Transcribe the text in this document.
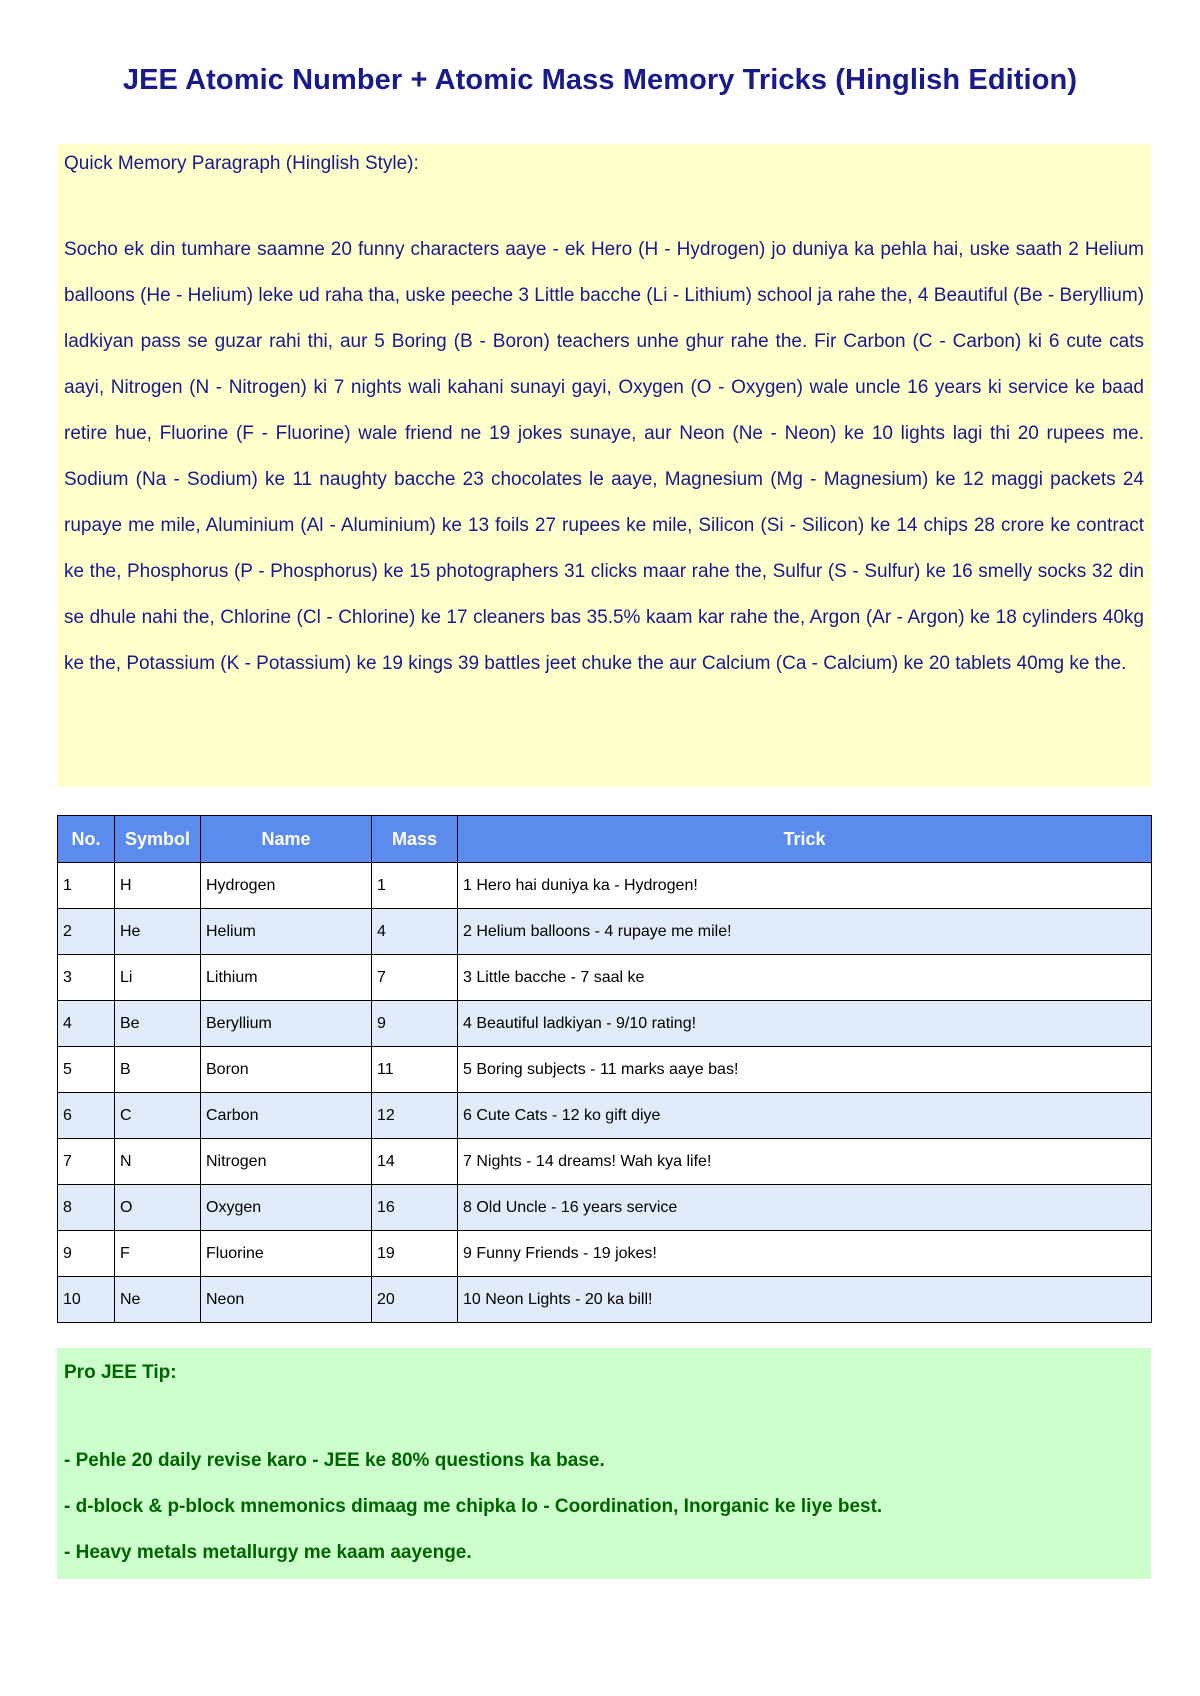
JEE Atomic Number + Atomic Mass Memory Tricks (Hinglish Edition)

Quick Memory Paragraph (Hinglish Style):

Socho ek din tumhare saamne 20 funny characters aaye - ek Hero (H - Hydrogen) jo duniya ka pehla hai, uske saath 2 Helium balloons (He - Helium) leke ud raha tha, uske peeche 3 Little bacche (Li - Lithium) school ja rahe the, 4 Beautiful (Be - Beryllium) ladkiyan pass se guzar rahi thi, aur 5 Boring (B - Boron) teachers unhe ghur rahe the. Fir Carbon (C - Carbon) ki 6 cute cats aayi, Nitrogen (N - Nitrogen) ki 7 nights wali kahani sunayi gayi, Oxygen (O - Oxygen) wale uncle 16 years ki service ke baad retire hue, Fluorine (F - Fluorine) wale friend ne 19 jokes sunaye, aur Neon (Ne - Neon) ke 10 lights lagi thi 20 rupees me. Sodium (Na - Sodium) ke 11 naughty bacche 23 chocolates le aaye, Magnesium (Mg - Magnesium) ke 12 maggi packets 24 rupaye me mile, Aluminium (Al - Aluminium) ke 13 foils 27 rupees ke mile, Silicon (Si - Silicon) ke 14 chips 28 crore ke contract ke the, Phosphorus (P - Phosphorus) ke 15 photographers 31 clicks maar rahe the, Sulfur (S - Sulfur) ke 16 smelly socks 32 din se dhule nahi the, Chlorine (Cl - Chlorine) ke 17 cleaners bas 35.5% kaam kar rahe the, Argon (Ar - Argon) ke 18 cylinders 40kg ke the, Potassium (K - Potassium) ke 19 kings 39 battles jeet chuke the aur Calcium (Ca - Calcium) ke 20 tablets 40mg ke the.

No.	Symbol	Name	Mass	Trick
1	H	Hydrogen	1	1 Hero hai duniya ka - Hydrogen!
2	He	Helium	4	2 Helium balloons - 4 rupaye me mile!
3	Li	Lithium	7	3 Little bacche - 7 saal ke
4	Be	Beryllium	9	4 Beautiful ladkiyan - 9/10 rating!
5	B	Boron	11	5 Boring subjects - 11 marks aaye bas!
6	C	Carbon	12	6 Cute Cats - 12 ko gift diye
7	N	Nitrogen	14	7 Nights - 14 dreams! Wah kya life!
8	O	Oxygen	16	8 Old Uncle - 16 years service
9	F	Fluorine	19	9 Funny Friends - 19 jokes!
10	Ne	Neon	20	10 Neon Lights - 20 ka bill!

Pro JEE Tip:

- Pehle 20 daily revise karo - JEE ke 80% questions ka base.
- d-block & p-block mnemonics dimaag me chipka lo - Coordination, Inorganic ke liye best.
- Heavy metals metallurgy me kaam aayenge.
